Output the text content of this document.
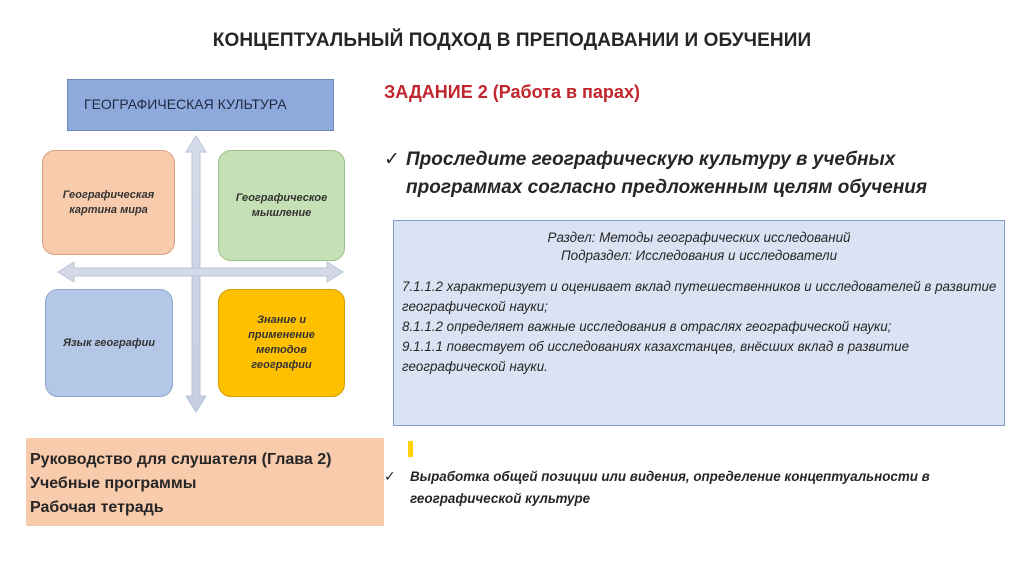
КОНЦЕПТУАЛЬНЫЙ ПОДХОД В ПРЕПОДАВАНИИ И ОБУЧЕНИИ
ГЕОГРАФИЧЕСКАЯ КУЛЬТУРА
Географическая картина мира
Географическое мышление
Язык географии
Знание и применение методов географии
Руководство для слушателя (Глава 2)
Учебные программы
Рабочая тетрадь
ЗАДАНИЕ 2 (Работа в парах)
✓ Проследите географическую культуру в учебных программах согласно предложенным целям обучения
Раздел: Методы географических исследований
Подраздел: Исследования и исследователи
7.1.1.2 характеризует и оценивает вклад путешественников и исследователей в развитие географической науки;
8.1.1.2 определяет важные исследования в отраслях географической науки;
9.1.1.1 повествует об исследованиях казахстанцев, внёсших вклад в развитие географической науки.
✓	Выработка общей позиции или видения, определение концептуальности в географической культуре
